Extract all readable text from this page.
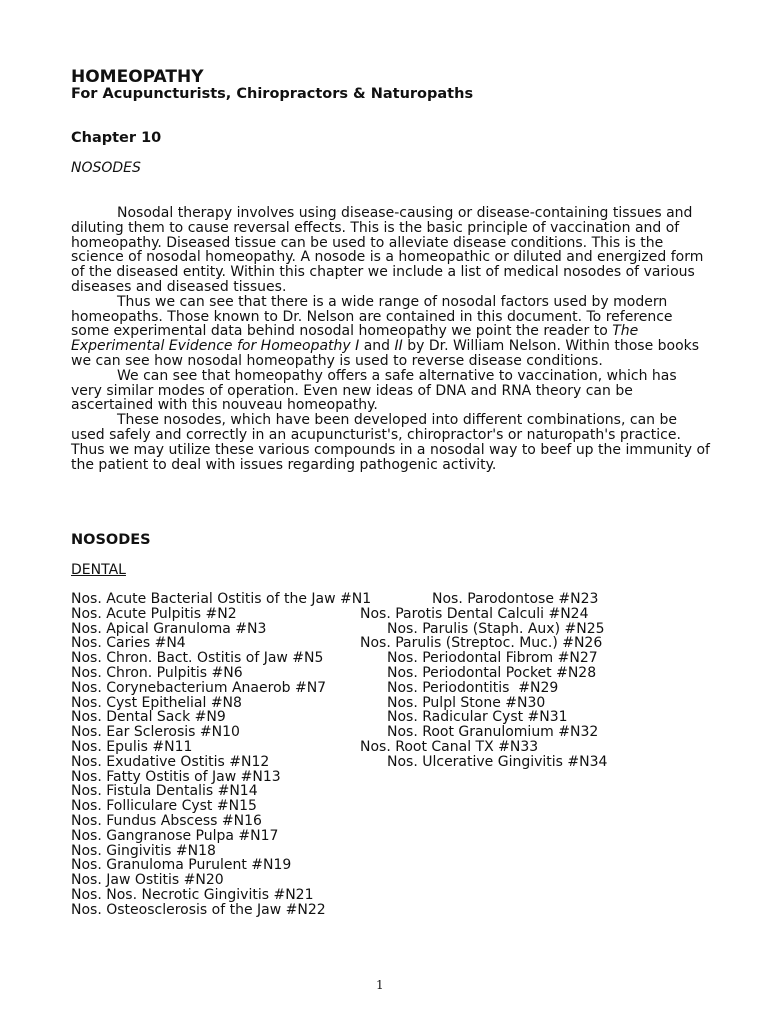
HOMEOPATHY
For Acupuncturists, Chiropractors & Naturopaths
Chapter 10
NOSODES

Nosodal therapy involves using disease-causing or disease-containing tissues and diluting them to cause reversal effects. This is the basic principle of vaccination and of homeopathy. Diseased tissue can be used to alleviate disease conditions. This is the science of nosodal homeopathy. A nosode is a homeopathic or diluted and energized form of the diseased entity. Within this chapter we include a list of medical nosodes of various diseases and diseased tissues.

Thus we can see that there is a wide range of nosodal factors used by modern homeopaths. Those known to Dr. Nelson are contained in this document. To reference some experimental data behind nosodal homeopathy we point the reader to The Experimental Evidence for Homeopathy I and II by Dr. William Nelson. Within those books we can see how nosodal homeopathy is used to reverse disease conditions.

We can see that homeopathy offers a safe alternative to vaccination, which has very similar modes of operation. Even new ideas of DNA and RNA theory can be ascertained with this nouveau homeopathy.

These nosodes, which have been developed into different combinations, can be used safely and correctly in an acupuncturist's, chiropractor's or naturopath's practice. Thus we may utilize these various compounds in a nosodal way to beef up the immunity of the patient to deal with issues regarding pathogenic activity.

NOSODES
DENTAL
Nos. Acute Bacterial Ostitis of the Jaw #N1
Nos. Acute Pulpitis #N2
Nos. Apical Granuloma #N3
Nos. Caries #N4
Nos. Chron. Bact. Ostitis of Jaw #N5
Nos. Chron. Pulpitis #N6
Nos. Corynebacterium Anaerob #N7
Nos. Cyst Epithelial #N8
Nos. Dental Sack #N9
Nos. Ear Sclerosis #N10
Nos. Epulis #N11
Nos. Exudative Ostitis #N12
Nos. Fatty Ostitis of Jaw #N13
Nos. Fistula Dentalis #N14
Nos. Folliculare Cyst #N15
Nos. Fundus Abscess #N16
Nos. Gangranose Pulpa #N17
Nos. Gingivitis #N18
Nos. Granuloma Purulent #N19
Nos. Jaw Ostitis #N20
Nos. Nos. Necrotic Gingivitis #N21
Nos. Osteosclerosis of the Jaw #N22
Nos. Parodontose #N23
Nos. Parotis Dental Calculi #N24
Nos. Parulis (Staph. Aux) #N25
Nos. Parulis (Streptoc. Muc.) #N26
Nos. Periodontal Fibrom #N27
Nos. Periodontal Pocket #N28
Nos. Periodontitis  #N29
Nos. Pulpl Stone #N30
Nos. Radicular Cyst #N31
Nos. Root Granulomium #N32
Nos. Root Canal TX #N33
Nos. Ulcerative Gingivitis #N34
1
